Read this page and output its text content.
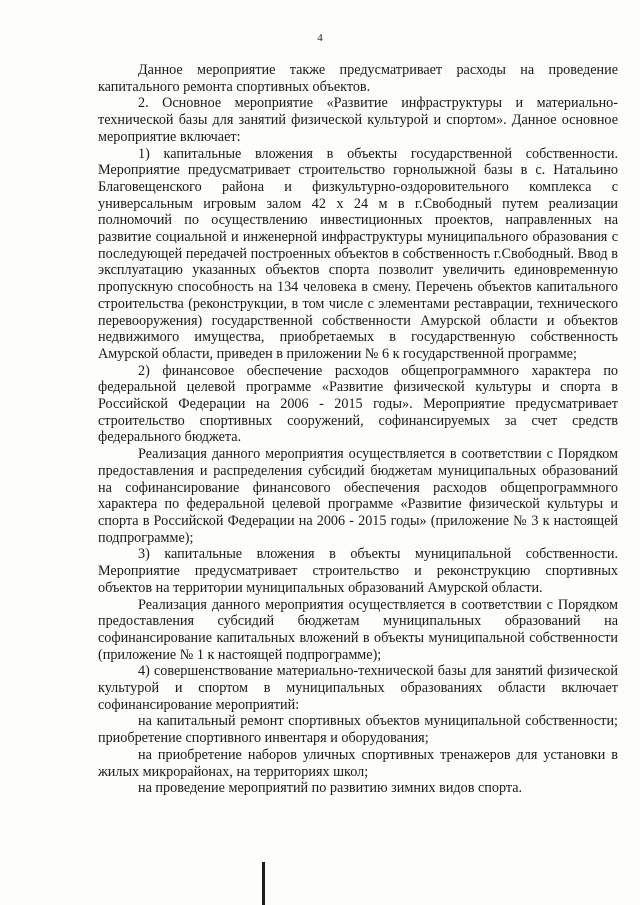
4

Данное мероприятие также предусматривает расходы на проведение капитального ремонта спортивных объектов.

2. Основное мероприятие «Развитие инфраструктуры и материально-технической базы для занятий физической культурой и спортом». Данное основное мероприятие включает:

1) капитальные вложения в объекты государственной собственности. Мероприятие предусматривает строительство горнолыжной базы в с. Натальино Благовещенского района и физкультурно-оздоровительного комплекса с универсальным игровым залом 42 х 24 м в г.Свободный путем реализации полномочий по осуществлению инвестиционных проектов, направленных на развитие социальной и инженерной инфраструктуры муниципального образования с последующей передачей построенных объектов в собственность г.Свободный. Ввод в эксплуатацию указанных объектов спорта позволит увеличить единовременную пропускную способность на 134 человека в смену. Перечень объектов капитального строительства (реконструкции, в том числе с элементами реставрации, технического перевооружения) государственной собственности Амурской области и объектов недвижимого имущества, приобретаемых в государственную собственность Амурской области, приведен в приложении № 6 к государственной программе;

2) финансовое обеспечение расходов общепрограммного характера по федеральной целевой программе «Развитие физической культуры и спорта в Российской Федерации на 2006 - 2015 годы». Мероприятие предусматривает строительство спортивных сооружений, софинансируемых за счет средств федерального бюджета.

Реализация данного мероприятия осуществляется в соответствии с Порядком предоставления и распределения субсидий бюджетам муниципальных образований на софинансирование финансового обеспечения расходов общепрограммного характера по федеральной целевой программе «Развитие физической культуры и спорта в Российской Федерации на 2006 - 2015 годы» (приложение № 3 к настоящей подпрограмме);

3) капитальные вложения в объекты муниципальной собственности. Мероприятие предусматривает строительство и реконструкцию спортивных объектов на территории муниципальных образований Амурской области.

Реализация данного мероприятия осуществляется в соответствии с Порядком предоставления субсидий бюджетам муниципальных образований на софинансирование капитальных вложений в объекты муниципальной собственности (приложение № 1 к настоящей подпрограмме);

4) совершенствование материально-технической базы для занятий физической культурой и спортом в муниципальных образованиях области включает софинансирование мероприятий:

на капитальный ремонт спортивных объектов муниципальной собственности; приобретение спортивного инвентаря и оборудования;

на приобретение наборов уличных спортивных тренажеров для установки в жилых микрорайонах, на территориях школ;

на проведение мероприятий по развитию зимних видов спорта.
